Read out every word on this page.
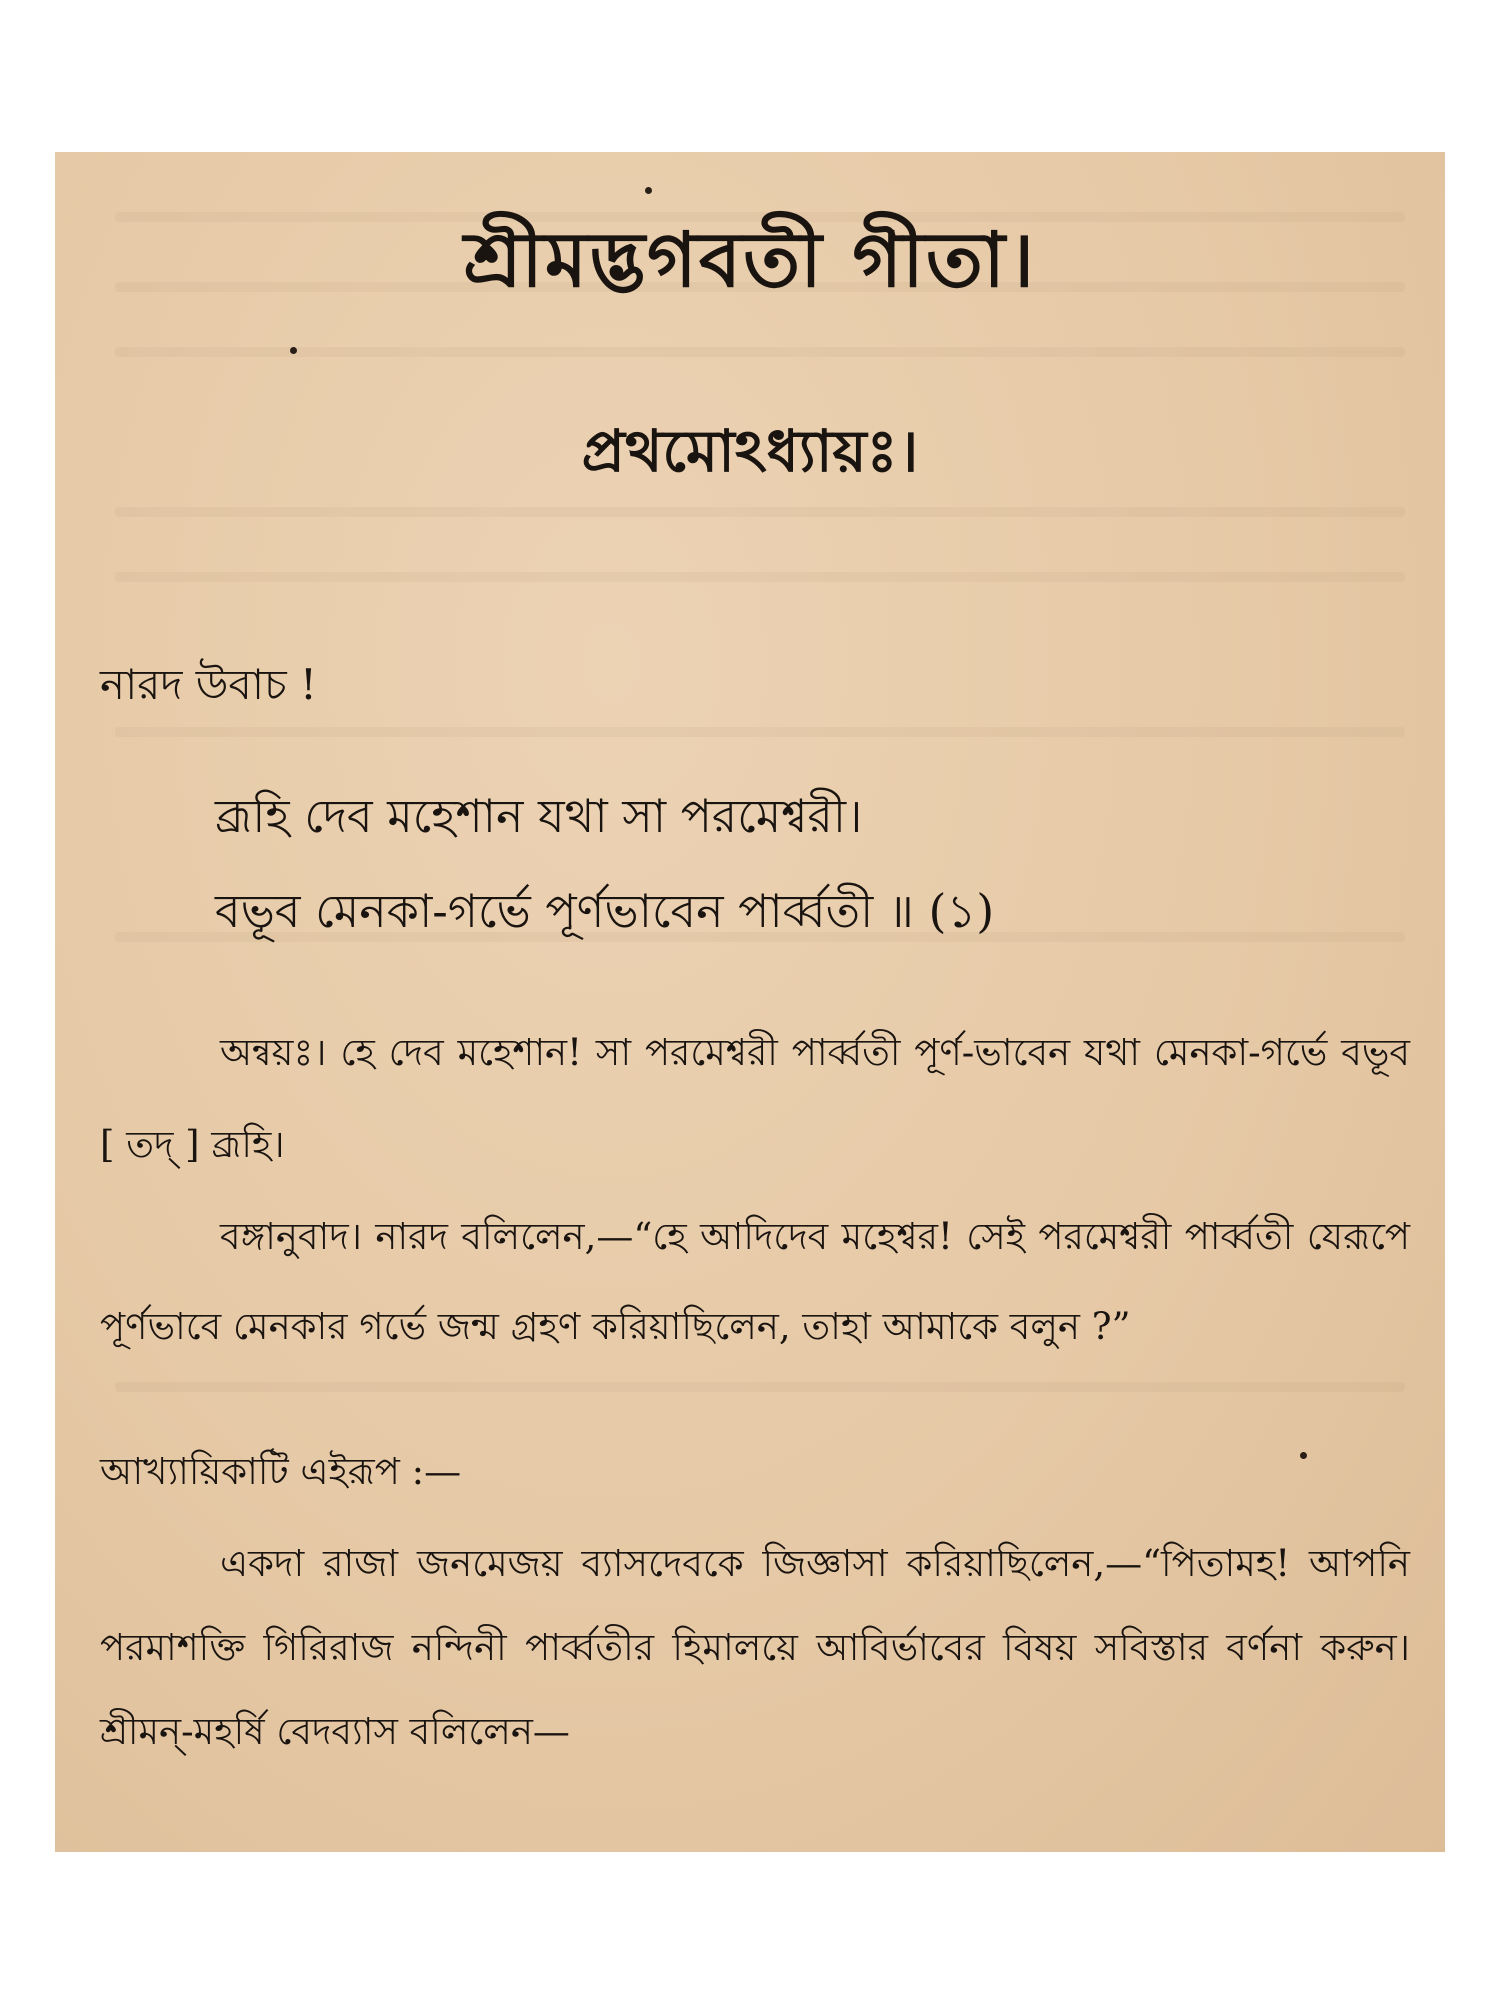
শ্রীমদ্ভগবতী গীতা।
প্রথমোঽধ্যায়ঃ।
নারদ উবাচ !
ব্রূহি দেব মহেশান যথা সা পরমেশ্বরী।
বভূব মেনকা-গর্ভে পূর্ণভাবেন পার্ব্বতী ॥ (১)
অন্বয়ঃ। হে দেব মহেশান! সা পরমেশ্বরী পার্ব্বতী পূর্ণ-ভাবেন যথা মেনকা-গর্ভে বভূব [ তদ্ ] ব্রূহি।
বঙ্গানুবাদ। নারদ বলিলেন,—“হে আদিদেব মহেশ্বর! সেই পরমেশ্বরী পার্ব্বতী যেরূপে পূর্ণভাবে মেনকার গর্ভে জন্ম গ্রহণ করিয়াছিলেন, তাহা আমাকে বলুন ?”
আখ্যায়িকাটি এইরূপ :—
একদা রাজা জনমেজয় ব্যাসদেবকে জিজ্ঞাসা করিয়াছিলেন,—“পিতামহ! আপনি পরমাশক্তি গিরিরাজ নন্দিনী পার্ব্বতীর হিমালয়ে আবির্ভাবের বিষয় সবিস্তার বর্ণনা করুন। শ্রীমন্-মহর্ষি বেদব্যাস বলিলেন—
